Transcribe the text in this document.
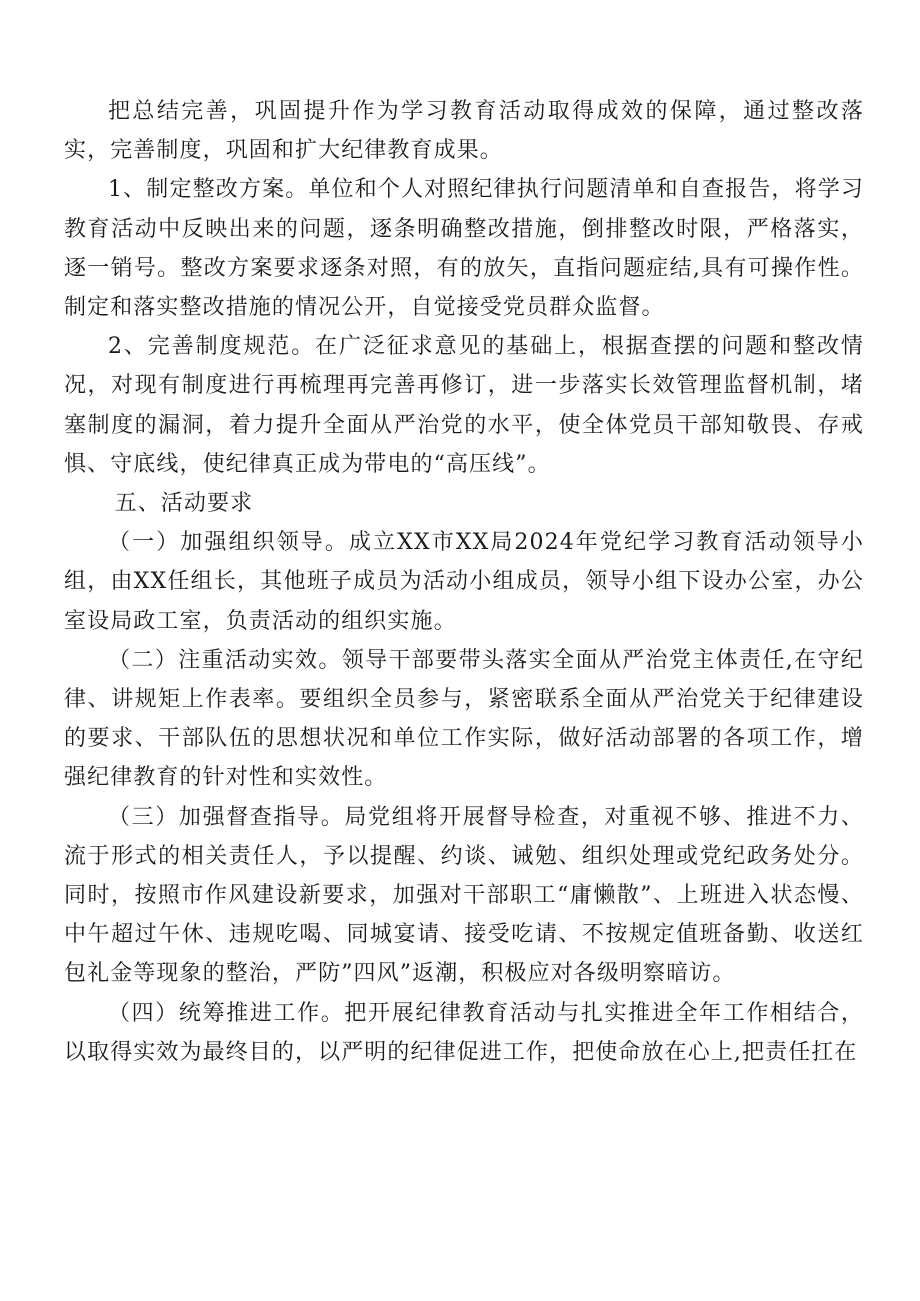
把总结完善，巩固提升作为学习教育活动取得成效的保障，通过整改落实，完善制度，巩固和扩大纪律教育成果。

1、制定整改方案。单位和个人对照纪律执行问题清单和自查报告，将学习教育活动中反映出来的问题，逐条明确整改措施，倒排整改时限，严格落实，逐一销号。整改方案要求逐条对照，有的放矢，直指问题症结,具有可操作性。制定和落实整改措施的情况公开，自觉接受党员群众监督。

2、完善制度规范。在广泛征求意见的基础上，根据查摆的问题和整改情况，对现有制度进行再梳理再完善再修订，进一步落实长效管理监督机制，堵塞制度的漏洞，着力提升全面从严治党的水平，使全体党员干部知敬畏、存戒惧、守底线，使纪律真正成为带电的“高压线”。

五、活动要求

（一）加强组织领导。成立XX市XX局2024年党纪学习教育活动领导小组，由XX任组长，其他班子成员为活动小组成员，领导小组下设办公室，办公室设局政工室，负责活动的组织实施。

（二）注重活动实效。领导干部要带头落实全面从严治党主体责任,在守纪律、讲规矩上作表率。要组织全员参与，紧密联系全面从严治党关于纪律建设的要求、干部队伍的思想状况和单位工作实际，做好活动部署的各项工作，增强纪律教育的针对性和实效性。

（三）加强督查指导。局党组将开展督导检查，对重视不够、推进不力、流于形式的相关责任人，予以提醒、约谈、诫勉、组织处理或党纪政务处分。同时，按照市作风建设新要求，加强对干部职工“庸懒散”、上班进入状态慢、中午超过午休、违规吃喝、同城宴请、接受吃请、不按规定值班备勤、收送红包礼金等现象的整治，严防”四风”返潮，积极应对各级明察暗访。

（四）统筹推进工作。把开展纪律教育活动与扎实推进全年工作相结合，以取得实效为最终目的，以严明的纪律促进工作，把使命放在心上,把责任扛在
